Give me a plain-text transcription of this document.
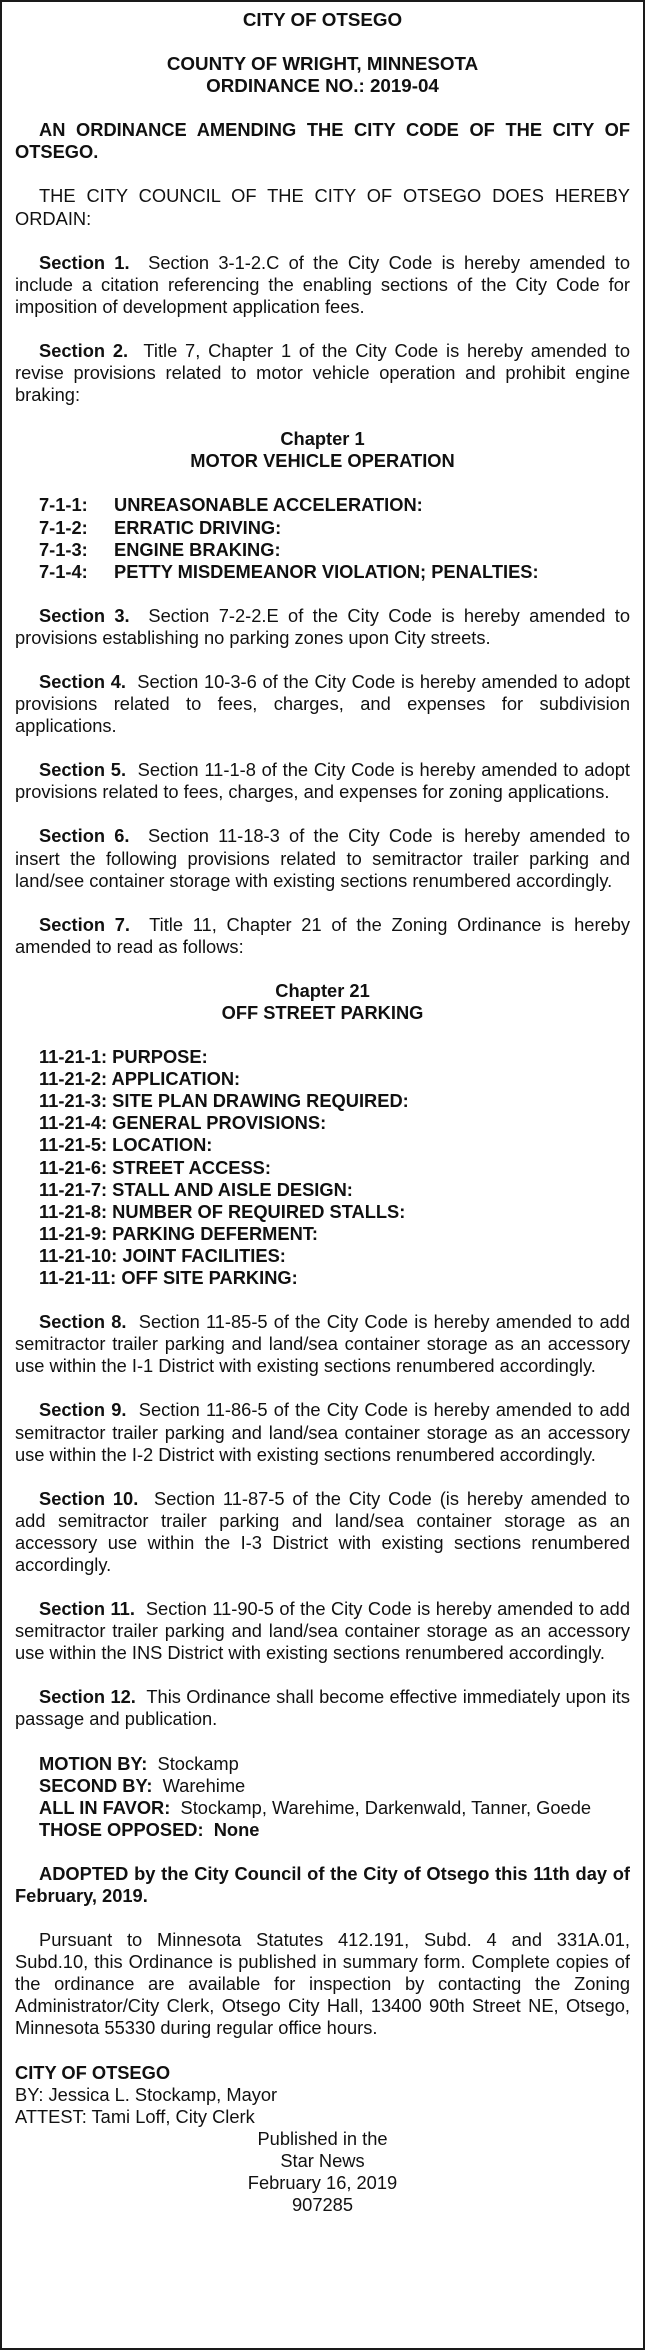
CITY OF OTSEGO
COUNTY OF WRIGHT, MINNESOTA
ORDINANCE NO.: 2019-04

AN ORDINANCE AMENDING THE CITY CODE OF THE CITY OF OTSEGO.

THE CITY COUNCIL OF THE CITY OF OTSEGO DOES HEREBY ORDAIN:

Section 1. Section 3-1-2.C of the City Code is hereby amended to include a citation referencing the enabling sections of the City Code for imposition of development application fees.

Section 2. Title 7, Chapter 1 of the City Code is hereby amended to revise provisions related to motor vehicle operation and prohibit engine braking:

Chapter 1
MOTOR VEHICLE OPERATION
7-1-1:	UNREASONABLE ACCELERATION:
7-1-2:	ERRATIC DRIVING:
7-1-3:	ENGINE BRAKING:
7-1-4:	PETTY MISDEMEANOR VIOLATION; PENALTIES:

Section 3. Section 7-2-2.E of the City Code is hereby amended to provisions establishing no parking zones upon City streets.

Section 4. Section 10-3-6 of the City Code is hereby amended to adopt provisions related to fees, charges, and expenses for subdivision applications.

Section 5. Section 11-1-8 of the City Code is hereby amended to adopt provisions related to fees, charges, and expenses for zoning applications.

Section 6. Section 11-18-3 of the City Code is hereby amended to insert the following provisions related to semitractor trailer parking and land/see container storage with existing sections renumbered accordingly.

Section 7. Title 11, Chapter 21 of the Zoning Ordinance is hereby amended to read as follows:

Chapter 21
OFF STREET PARKING
11-21-1: PURPOSE:
11-21-2: APPLICATION:
11-21-3: SITE PLAN DRAWING REQUIRED:
11-21-4: GENERAL PROVISIONS:
11-21-5: LOCATION:
11-21-6: STREET ACCESS:
11-21-7: STALL AND AISLE DESIGN:
11-21-8: NUMBER OF REQUIRED STALLS:
11-21-9: PARKING DEFERMENT:
11-21-10: JOINT FACILITIES:
11-21-11: OFF SITE PARKING:

Section 8. Section 11-85-5 of the City Code is hereby amended to add semitractor trailer parking and land/sea container storage as an accessory use within the I-1 District with existing sections renumbered accordingly.

Section 9. Section 11-86-5 of the City Code is hereby amended to add semitractor trailer parking and land/sea container storage as an accessory use within the I-2 District with existing sections renumbered accordingly.

Section 10. Section 11-87-5 of the City Code (is hereby amended to add semitractor trailer parking and land/sea container storage as an accessory use within the I-3 District with existing sections renumbered accordingly.

Section 11. Section 11-90-5 of the City Code is hereby amended to add semitractor trailer parking and land/sea container storage as an accessory use within the INS District with existing sections renumbered accordingly.

Section 12. This Ordinance shall become effective immediately upon its passage and publication.

MOTION BY: Stockamp
SECOND BY: Warehime
ALL IN FAVOR: Stockamp, Warehime, Darkenwald, Tanner, Goede
THOSE OPPOSED: None

ADOPTED by the City Council of the City of Otsego this 11th day of February, 2019.

Pursuant to Minnesota Statutes 412.191, Subd. 4 and 331A.01, Subd.10, this Ordinance is published in summary form. Complete copies of the ordinance are available for inspection by contacting the Zoning Administrator/City Clerk, Otsego City Hall, 13400 90th Street NE, Otsego, Minnesota 55330 during regular office hours.

CITY OF OTSEGO
BY: Jessica L. Stockamp, Mayor
ATTEST: Tami Loff, City Clerk
Published in the
Star News
February 16, 2019
907285
